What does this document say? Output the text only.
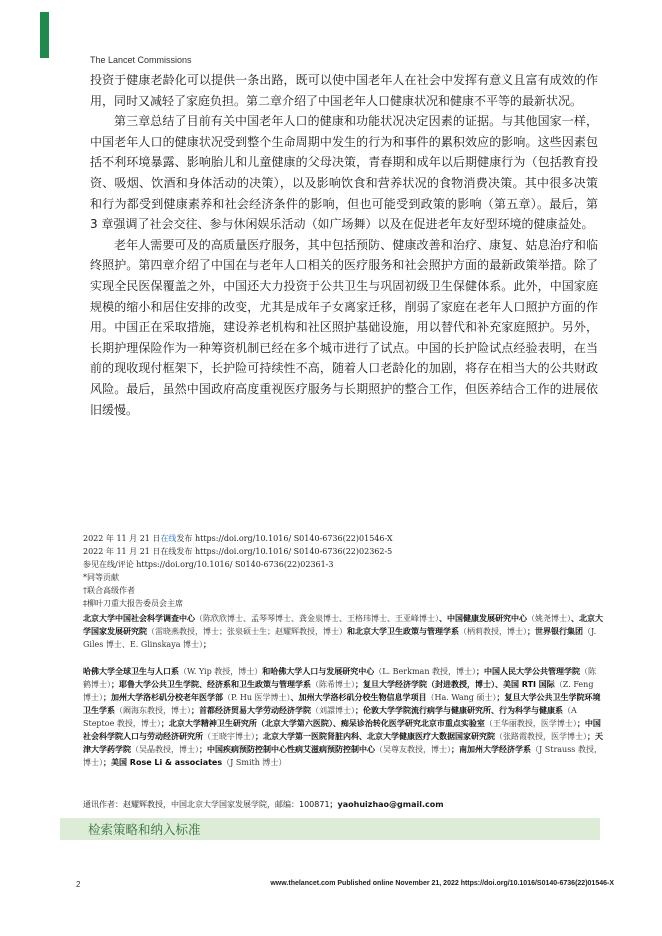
The Lancet Commissions

投资于健康老龄化可以提供一条出路，既可以使中国老年人在社会中发挥有意义且富有成效的作用，同时又减轻了家庭负担。第二章介绍了中国老年人口健康状况和健康不平等的最新状况。

第三章总结了目前有关中国老年人口的健康和功能状况决定因素的证据。与其他国家一样，中国老年人口的健康状况受到整个生命周期中发生的行为和事件的累积效应的影响。这些因素包括不利环境暴露、影响胎儿和儿童健康的父母决策，青春期和成年以后期健康行为（包括教育投资、吸烟、饮酒和身体活动的决策），以及影响饮食和营养状况的食物消费决策。其中很多决策和行为都受到健康素养和社会经济条件的影响，但也可能受到政策的影响（第五章）。最后，第 3 章强调了社会交往、参与休闲娱乐活动（如广场舞）以及在促进老年友好型环境的健康益处。

老年人需要可及的高质量医疗服务，其中包括预防、健康改善和治疗、康复、姑息治疗和临终照护。第四章介绍了中国在与老年人口相关的医疗服务和社会照护方面的最新政策举措。除了实现全民医保覆盖之外，中国还大力投资于公共卫生与巩固初级卫生保健体系。此外，中国家庭规模的缩小和居住安排的改变，尤其是成年子女离家迁移，削弱了家庭在老年人口照护方面的作用。中国正在采取措施，建设养老机构和社区照护基础设施，用以替代和补充家庭照护。另外，长期护理保险作为一种筹资机制已经在多个城市进行了试点。中国的长护险试点经验表明，在当前的现收现付框架下，长护险可持续性不高，随着人口老龄化的加剧，将存在相当大的公共财政风险。最后，虽然中国政府高度重视医疗服务与长期照护的整合工作，但医养结合工作的进展依旧缓慢。

2022 年 11 月 21 日在线发布 https://doi.org/10.1016/ S0140-6736(22)01546-X

2022 年 11 月 21 日在线发布 https://doi.org/10.1016/ S0140-6736(22)02362-5

参见在线/评论 https://doi.org/10.1016/ S0140-6736(22)02361-3

*同等贡献

†联合高级作者

‡柳叶刀重大报告委员会主席

北京大学中国社会科学调查中心（陈欣欣博士、孟琴琴博士、龚金泉博士、王格玮博士、王亚峰博士）、中国健康发展研究中心（姚尧博士）、北京大学国家发展研究院（雷晓燕教授，博士；张泉硕士生；赵耀辉教授，博士）和北京大学卫生政策与管理学系（柄莉教授，博士）；世界银行集团（J. Giles 博士、E. Glinskaya 博士）；

哈佛大学全球卫生与人口系（W. Yip 教授，博士）和哈佛大学人口与发展研究中心（L. Berkman 教授，博士）；中国人民大学公共管理学院（陈鹤博士）；耶鲁大学公共卫生学院、经济系和卫生政策与管理学系（陈希博士）；复旦大学经济学院（封进教授，博士）、美国 RTI 国际（Z. Feng 博士）；加州大学洛杉矶分校老年医学部（P. Hu 医学博士）、加州大学洛杉矶分校生物信息学项目（Ha. Wang 硕士）；复旦大学公共卫生学院环境卫生学系（阚海东教授，博士）；首都经济贸易大学劳动经济学院（刘譞博士）；伦敦大学学院流行病学与健康研究所、行为科学与健康系（A Steptoe 教授，博士）；北京大学精神卫生研究所（北京大学第六医院）、痴呆诊治转化医学研究北京市重点实验室（王华丽教授，医学博士）；中国社会科学院人口与劳动经济研究所（王晓宇博士）；北京大学第一医院肾脏内科、北京大学健康医疗大数据国家研究院（张路霞教授，医学博士）；天津大学药学院（吴晶教授，博士）；中国疾病预防控制中心性病艾滋病预防控制中心（吴尊友教授，博士）；南加州大学经济学系（J Strauss 教授，博士）；美国 Rose Li & associates（J Smith 博士）

通讯作者：赵耀辉教授，中国北京大学国家发展学院，邮编：100871；yaohuizhao@gmail.com
检索策略和纳入标准
2	www.thelancet.com Published online November 21, 2022 https://doi.org/10.1016/S0140-6736(22)01546-X
